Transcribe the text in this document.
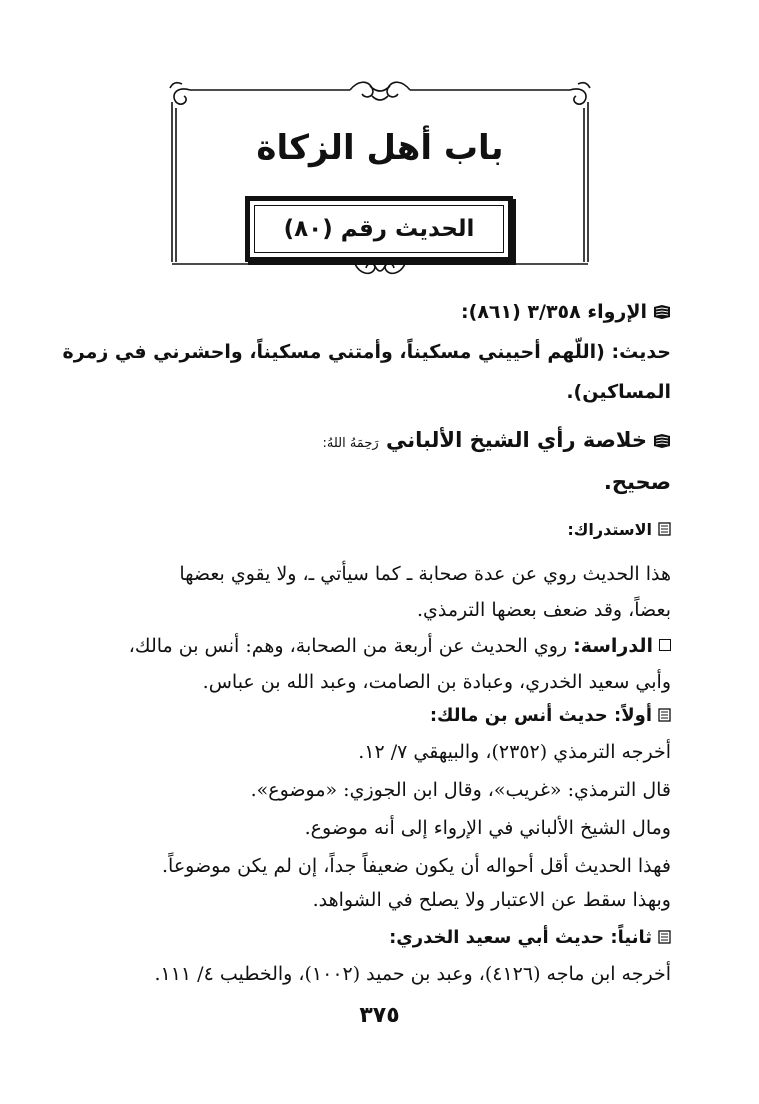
باب أهل الزكاة
الحديث رقم (٨٠)
الإرواء ٣/٣٥٨ (٨٦١):
حديث: (اللّهم أحييني مسكيناً، وأمتني مسكيناً، واحشرني في زمرة
المساكين).
خلاصة رأي الشيخ الألباني رَحِمَهُ اللهُ:
صحيح.
الاستدراك:
هذا الحديث روي عن عدة صحابة ـ كما سيأتي ـ، ولا يقوي بعضها
بعضاً، وقد ضعف بعضها الترمذي.
الدراسة: روي الحديث عن أربعة من الصحابة، وهم: أنس بن مالك،
وأبي سعيد الخدري، وعبادة بن الصامت، وعبد الله بن عباس.
أولاً: حديث أنس بن مالك:
أخرجه الترمذي (٢٣٥٢)، والبيهقي ٧/ ١٢.
قال الترمذي: «غريب»، وقال ابن الجوزي: «موضوع».
ومال الشيخ الألباني في الإرواء إلى أنه موضوع.
فهذا الحديث أقل أحواله أن يكون ضعيفاً جداً، إن لم يكن موضوعاً.
وبهذا سقط عن الاعتبار ولا يصلح في الشواهد.
ثانياً: حديث أبي سعيد الخدري:
أخرجه ابن ماجه (٤١٢٦)، وعبد بن حميد (١٠٠٢)، والخطيب ٤/ ١١١.
٣٧٥
